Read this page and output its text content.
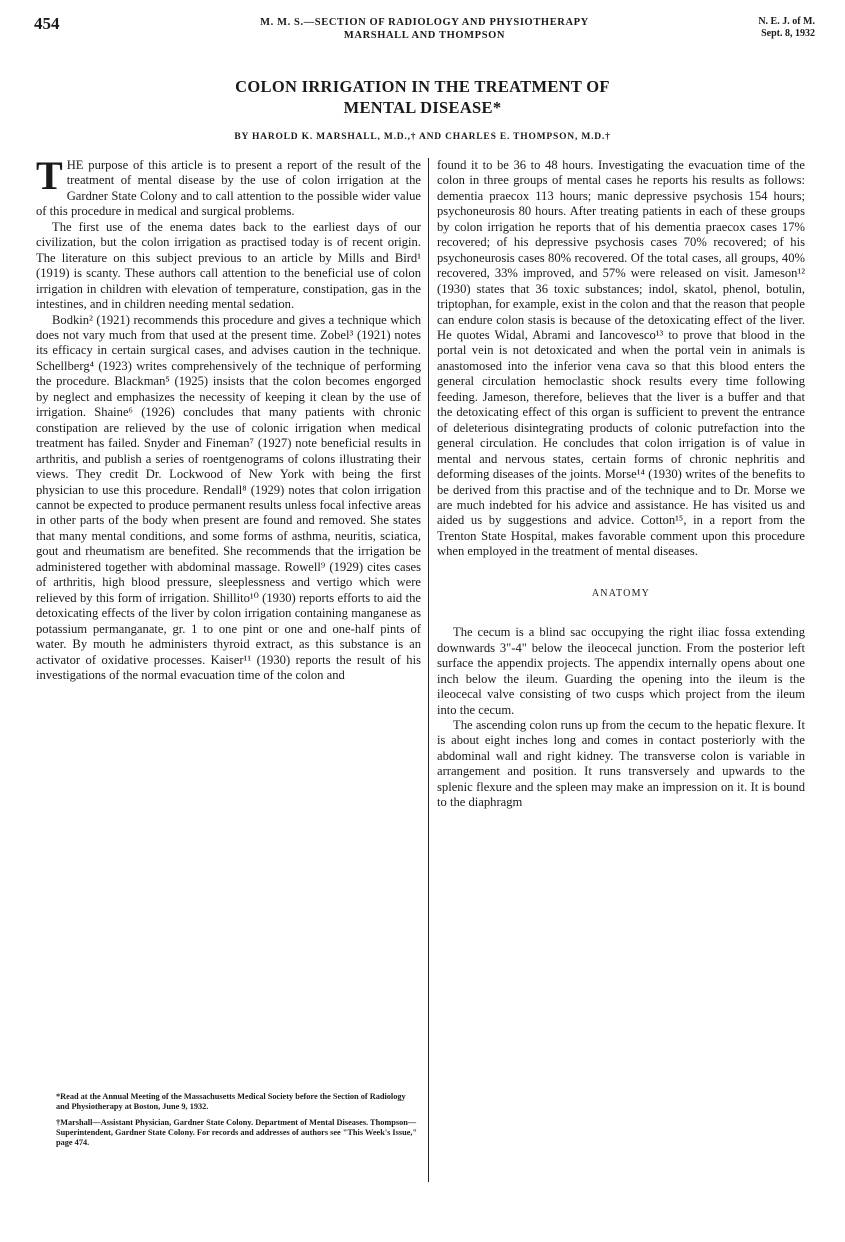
454	M. M. S.—SECTION OF RADIOLOGY AND PHYSIOTHERAPY
MARSHALL AND THOMPSON
N. E. J. of M.
Sept. 8, 1932
COLON IRRIGATION IN THE TREATMENT OF
MENTAL DISEASE*
BY HAROLD K. MARSHALL, M.D.,† AND CHARLES E. THOMPSON, M.D.†

THE purpose of this article is to present a report of the result of the treatment of mental disease by the use of colon irrigation at the Gardner State Colony and to call attention to the possible wider value of this procedure in medical and surgical problems.

The first use of the enema dates back to the earliest days of our civilization, but the colon irrigation as practised today is of recent origin. The literature on this subject previous to an article by Mills and Bird¹ (1919) is scanty. These authors call attention to the beneficial use of colon irrigation in children with elevation of temperature, constipation, gas in the intestines, and in children needing mental sedation.

Bodkin² (1921) recommends this procedure and gives a technique which does not vary much from that used at the present time. Zobel³ (1921) notes its efficacy in certain surgical cases, and advises caution in the technique. Schellberg⁴ (1923) writes comprehensively of the technique of performing the procedure. Blackman⁵ (1925) insists that the colon becomes engorged by neglect and emphasizes the necessity of keeping it clean by the use of irrigation. Shaine⁶ (1926) concludes that many patients with chronic constipation are relieved by the use of colonic irrigation when medical treatment has failed. Snyder and Fineman⁷ (1927) note beneficial results in arthritis, and publish a series of roentgenograms of colons illustrating their views. They credit Dr. Lockwood of New York with being the first physician to use this procedure. Rendall⁸ (1929) notes that colon irrigation cannot be expected to produce permanent results unless focal infective areas in other parts of the body when present are found and removed. She states that many mental conditions, and some forms of asthma, neuritis, sciatica, gout and rheumatism are benefited. She recommends that the irrigation be administered together with abdominal massage. Rowell⁹ (1929) cites cases of arthritis, high blood pressure, sleeplessness and vertigo which were relieved by this form of irrigation. Shillito¹⁰ (1930) reports efforts to aid the detoxicating effects of the liver by colon irrigation containing manganese as potassium permanganate, gr. 1 to one pint or one and one-half pints of water. By mouth he administers thyroid extract, as this substance is an activator of oxidative processes. Kaiser¹¹ (1930) reports the result of his investigations of the normal evacuation time of the colon and

*Read at the Annual Meeting of the Massachusetts Medical Society before the Section of Radiology and Physiotherapy at Boston, June 9, 1932.

†Marshall—Assistant Physician, Gardner State Colony. Department of Mental Diseases. Thompson—Superintendent, Gardner State Colony. For records and addresses of authors see "This Week's Issue," page 474.

found it to be 36 to 48 hours. Investigating the evacuation time of the colon in three groups of mental cases he reports his results as follows: dementia praecox 113 hours; manic depressive psychosis 154 hours; psychoneurosis 80 hours. After treating patients in each of these groups by colon irrigation he reports that of his dementia praecox cases 17% recovered; of his depressive psychosis cases 70% recovered; of his psychoneurosis cases 80% recovered. Of the total cases, all groups, 40% recovered, 33% improved, and 57% were released on visit. Jameson¹² (1930) states that 36 toxic substances; indol, skatol, phenol, botulin, triptophan, for example, exist in the colon and that the reason that people can endure colon stasis is because of the detoxicating effect of the liver. He quotes Widal, Abrami and Iancovesco¹³ to prove that blood in the portal vein is not detoxicated and when the portal vein in animals is anastomosed into the inferior vena cava so that this blood enters the general circulation hemoclastic shock results every time following feeding. Jameson, therefore, believes that the liver is a buffer and that the detoxicating effect of this organ is sufficient to prevent the entrance of deleterious disintegrating products of colonic putrefaction into the general circulation. He concludes that colon irrigation is of value in mental and nervous states, certain forms of chronic nephritis and deforming diseases of the joints. Morse¹⁴ (1930) writes of the benefits to be derived from this practise and of the technique and to Dr. Morse we are much indebted for his advice and assistance. He has visited us and aided us by suggestions and advice. Cotton¹⁵, in a report from the Trenton State Hospital, makes favorable comment upon this procedure when employed in the treatment of mental diseases.

ANATOMY

The cecum is a blind sac occupying the right iliac fossa extending downwards 3"-4" below the ileocecal junction. From the posterior left surface the appendix projects. The appendix internally opens about one inch below the ileum. Guarding the opening into the ileum is the ileocecal valve consisting of two cusps which project from the ileum into the cecum.

The ascending colon runs up from the cecum to the hepatic flexure. It is about eight inches long and comes in contact posteriorly with the abdominal wall and right kidney. The transverse colon is variable in arrangement and position. It runs transversely and upwards to the splenic flexure and the spleen may make an impression on it. It is bound to the diaphragm
